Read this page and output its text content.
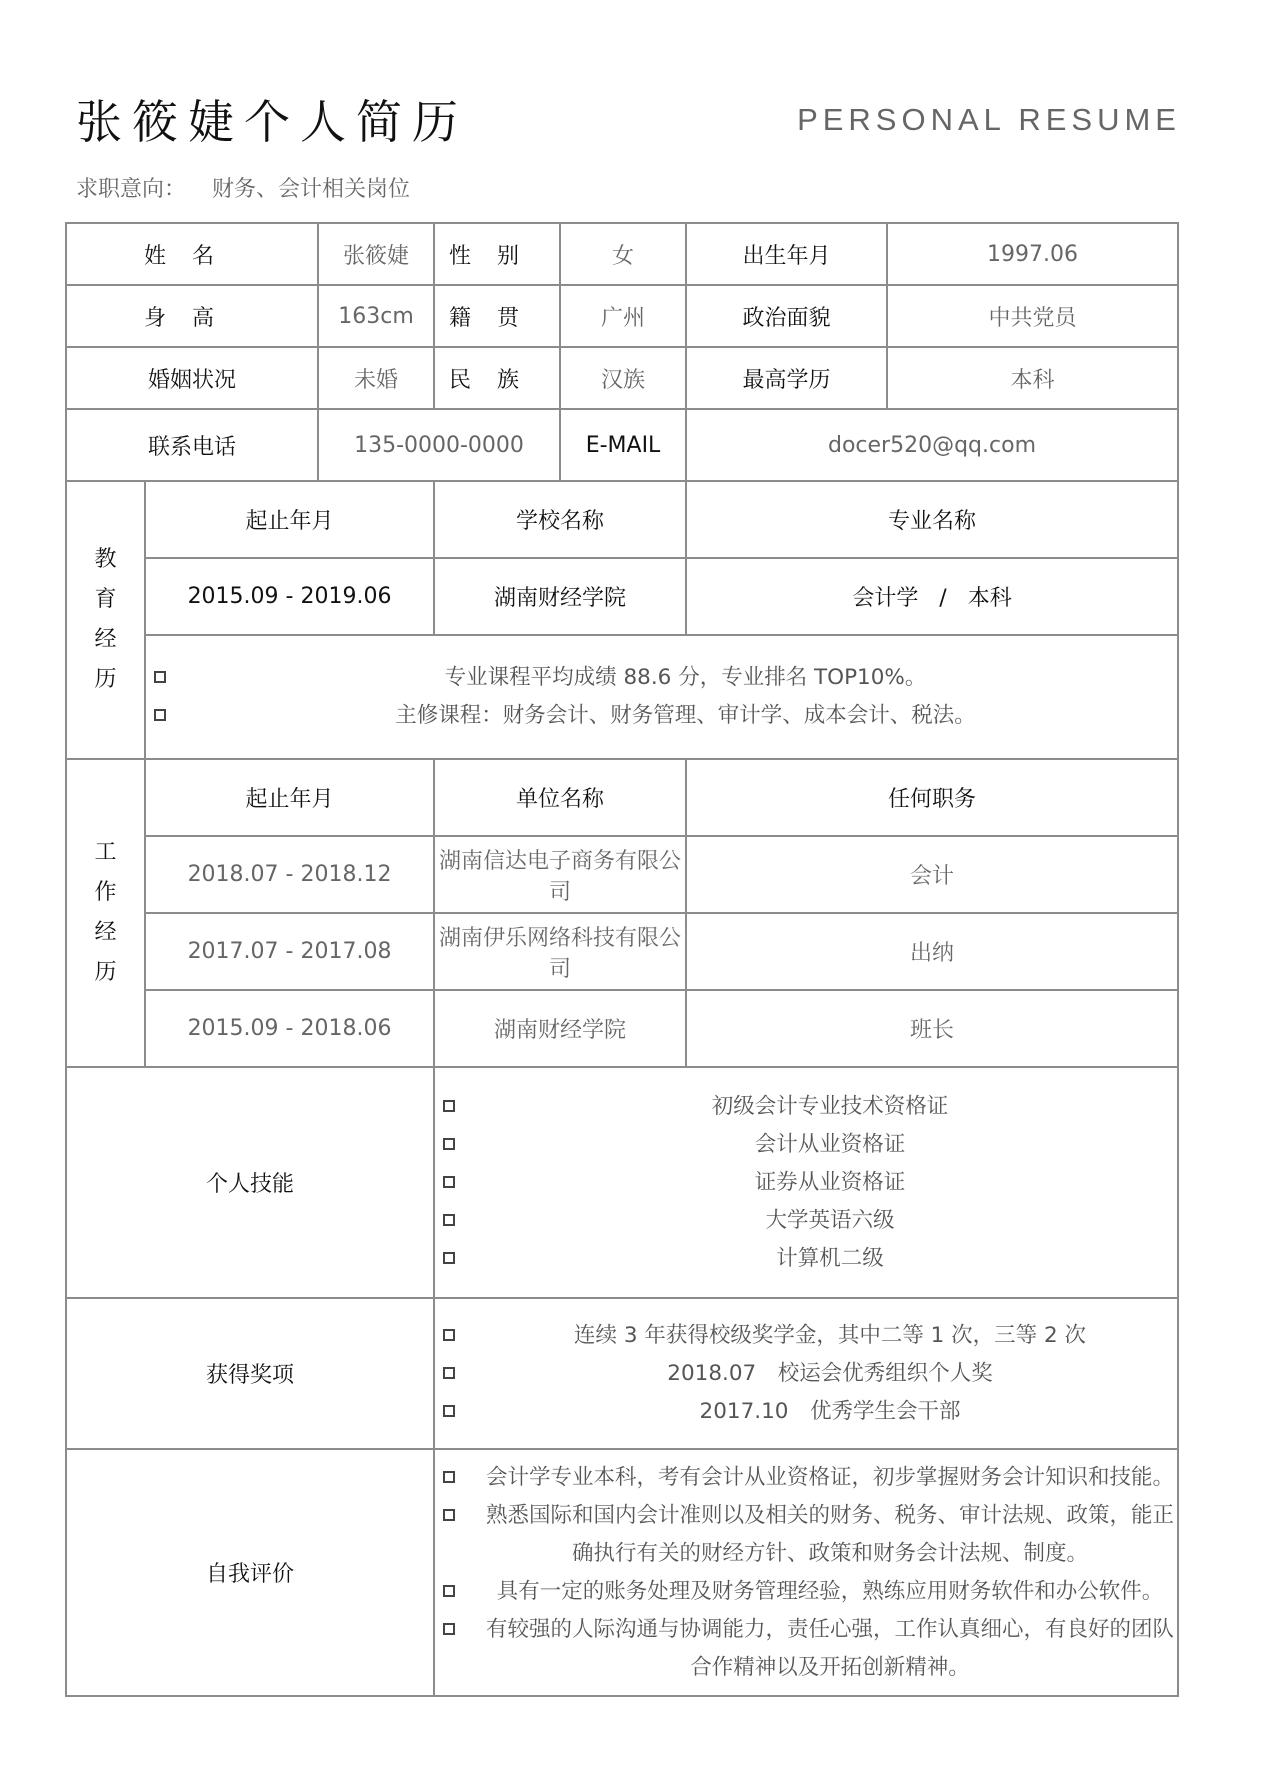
张筱婕个人简历	PERSONAL RESUME
求职意向： 财务、会计相关岗位
姓名		张筱婕	性别	女	出生年月	1997.06	
身高		163cm	籍贯	广州	政治面貌	中共党员	
婚姻状况		未婚	民族	汉族	最高学历	本科	
联系电话		135-0000-0000		E-MAIL	docer520@qq.com		
教育经历	起止年月		学校名称		专业名称		
	2015.09 - 2019.06		湖南财经学院		会计学   /   本科		

	专业课程平均成绩 88.6 分，专业排名 TOP10%。
主修课程：财务会计、财务管理、审计学、成本会计、税法。						

工作经历	起止年月		单位名称		任何职务		
	2018.07 - 2018.12		湖南信达电子商务有限公司		会计		
	2017.07 - 2017.08		湖南伊乐网络科技有限公司		出纳		
	2015.09 - 2018.06		湖南财经学院		班长		
个人技能			初级会计专业技术资格证
会计从业资格证
证券从业资格证
大学英语六级
计算机二级				

获得奖项			连续 3 年获得校级奖学金，其中二等 1 次，三等 2 次
2018.07　校运会优秀组织个人奖
2017.10　优秀学生会干部				

自我评价			会计学专业本科，考有会计从业资格证，初步掌握财务会计知识和技能。
熟悉国际和国内会计准则以及相关的财务、税务、审计法规、政策，能正确执行有关的财经方针、政策和财务会计法规、制度。
具有一定的账务处理及财务管理经验，熟练应用财务软件和办公软件。
有较强的人际沟通与协调能力，责任心强，工作认真细心，有良好的团队合作精神以及开拓创新精神。				
